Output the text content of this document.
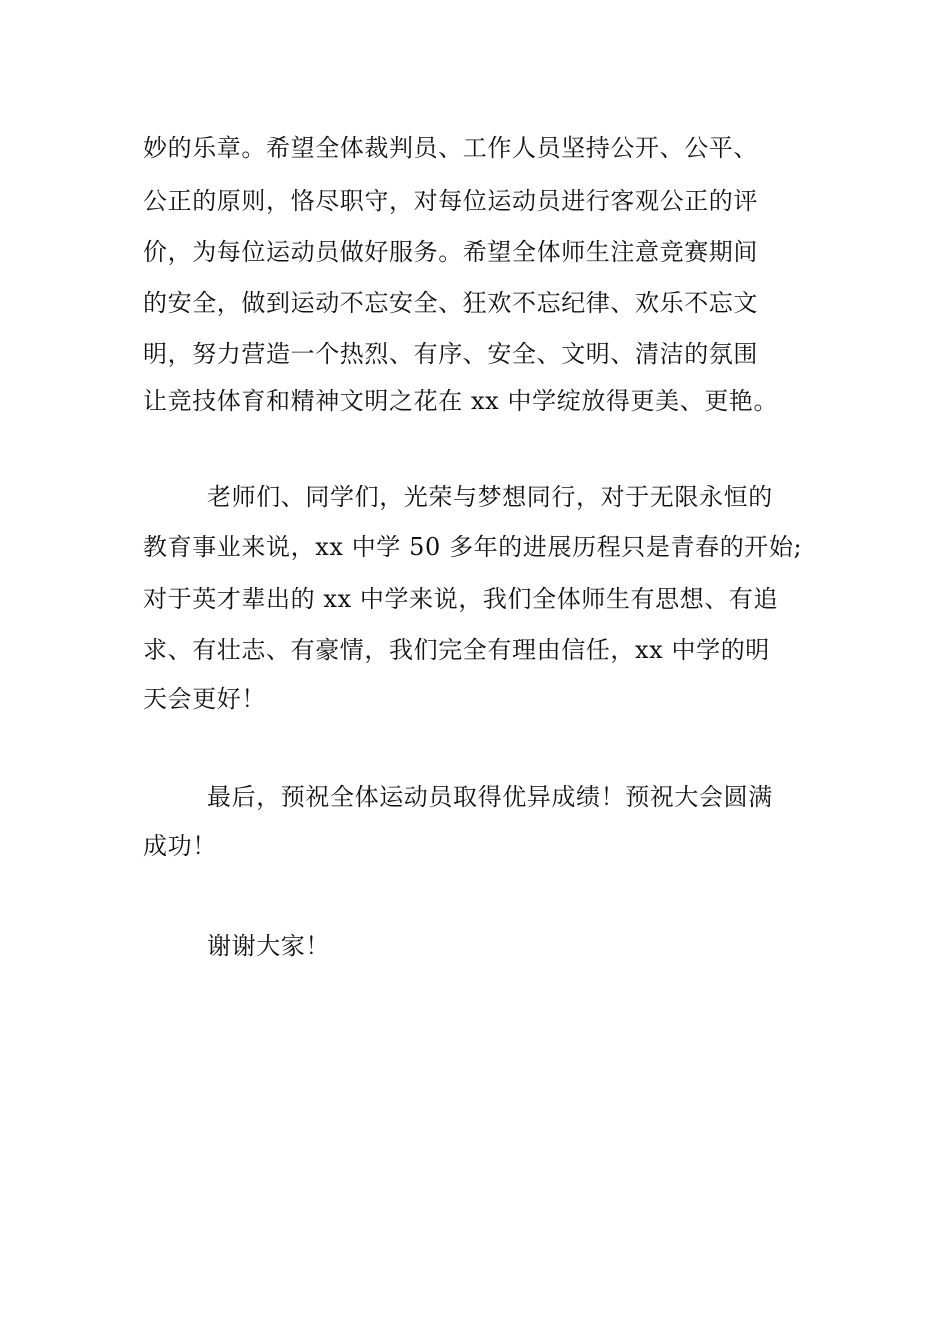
妙的乐章。希望全体裁判员、工作人员坚持公开、公平、
公正的原则，恪尽职守，对每位运动员进行客观公正的评
价，为每位运动员做好服务。希望全体师生注意竞赛期间
的安全，做到运动不忘安全、狂欢不忘纪律、欢乐不忘文
明，努力营造一个热烈、有序、安全、文明、清洁的氛围
让竞技体育和精神文明之花在 xx 中学绽放得更美、更艳。
老师们、同学们，光荣与梦想同行，对于无限永恒的
教育事业来说，xx 中学 50 多年的进展历程只是青春的开始;
对于英才辈出的 xx 中学来说，我们全体师生有思想、有追
求、有壮志、有豪情，我们完全有理由信任，xx 中学的明
天会更好！
最后，预祝全体运动员取得优异成绩！预祝大会圆满
成功！
谢谢大家！
